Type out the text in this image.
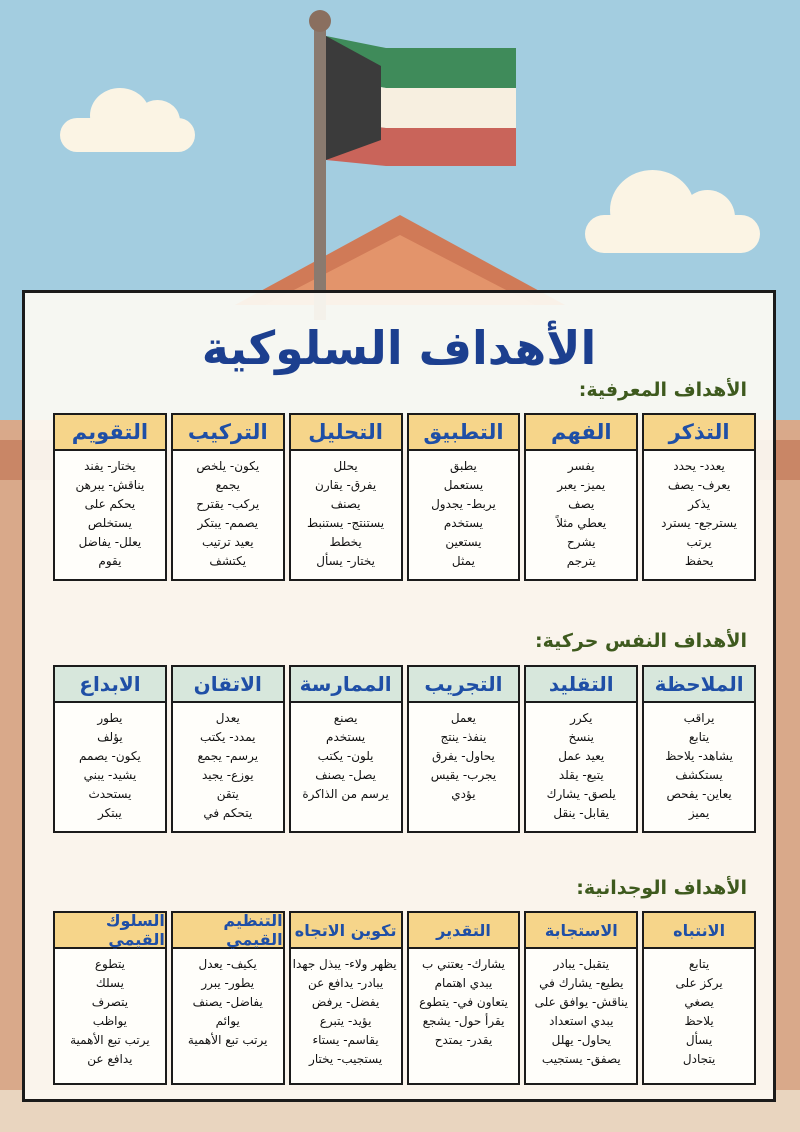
الأهداف السلوكية
الأهداف المعرفية:
التذكر
يعدد- يحدد
يعرف- يصف
يذكر
يسترجع- يسترد
يرتب
يحفظ
الفهم
يفسر
يميز- يعبر
يصف
يعطي مثلاً
يشرح
يترجم
التطبيق
يطبق
يستعمل
يربط- يجدول
يستخدم
يستعين
يمثل
التحليل
يحلل
يفرق- يقارن
يصنف
يستنتج- يستنبط
يخطط
يختار- يسأل
التركيب
يكون- يلخص
يجمع
يركب- يقترح
يصمم- يبتكر
يعيد ترتيب
يكتشف
التقويم
يختار- يفند
يناقش- يبرهن
يحكم على
يستخلص
يعلل- يفاضل
يقوم
الأهداف النفس حركية:
الملاحظة
يراقب
يتابع
يشاهد- يلاحظ
يستكشف
يعاين- يفحص
يميز
التقليد
يكرر
ينسخ
يعيد عمل
يتبع- يقلد
يلصق- يشارك
يقابل- ينقل
التجريب
يعمل
ينفذ- ينتج
يحاول- يفرق
يجرب- يقيس
يؤدي
الممارسة
يصنع
يستخدم
يلون- يكتب
يصل- يصنف
يرسم من الذاكرة
الاتقان
يعدل
يمدد- يكتب
يرسم- يجمع
يوزع- يجيد
يتقن
يتحكم في
الابداع
يطور
يؤلف
يكون- يصمم
يشيد- يبني
يستحدث
يبتكر
الأهداف الوجدانية:
الانتباه
يتابع
يركز على
يصغي
يلاحظ
يسأل
يتجادل
الاستجابة
يتقبل- يبادر
يطيع- يشارك في
يناقش- يوافق على
يبدي استعداد
يحاول- يهلل
يصفق- يستجيب
التقدير
يشارك- يعتني ب
يبدي اهتمام
يتعاون في- يتطوع
يقرأ حول- يشجع
يقدر- يمتدح
تكوين الاتجاه
يظهر ولاء- يبذل جهدا
يبادر- يدافع عن
يفضل- يرفض
يؤيد- يتبرع
يقاسم- يستاء
يستجيب- يختار
التنظيم القيمي
يكيف- يعدل
يطور- يبرر
يفاضل- يصنف
يوائم
يرتب تبع الأهمية
السلوك القيمي
يتطوع
يسلك
يتصرف
يواظب
يرتب تبع الأهمية
يدافع عن
